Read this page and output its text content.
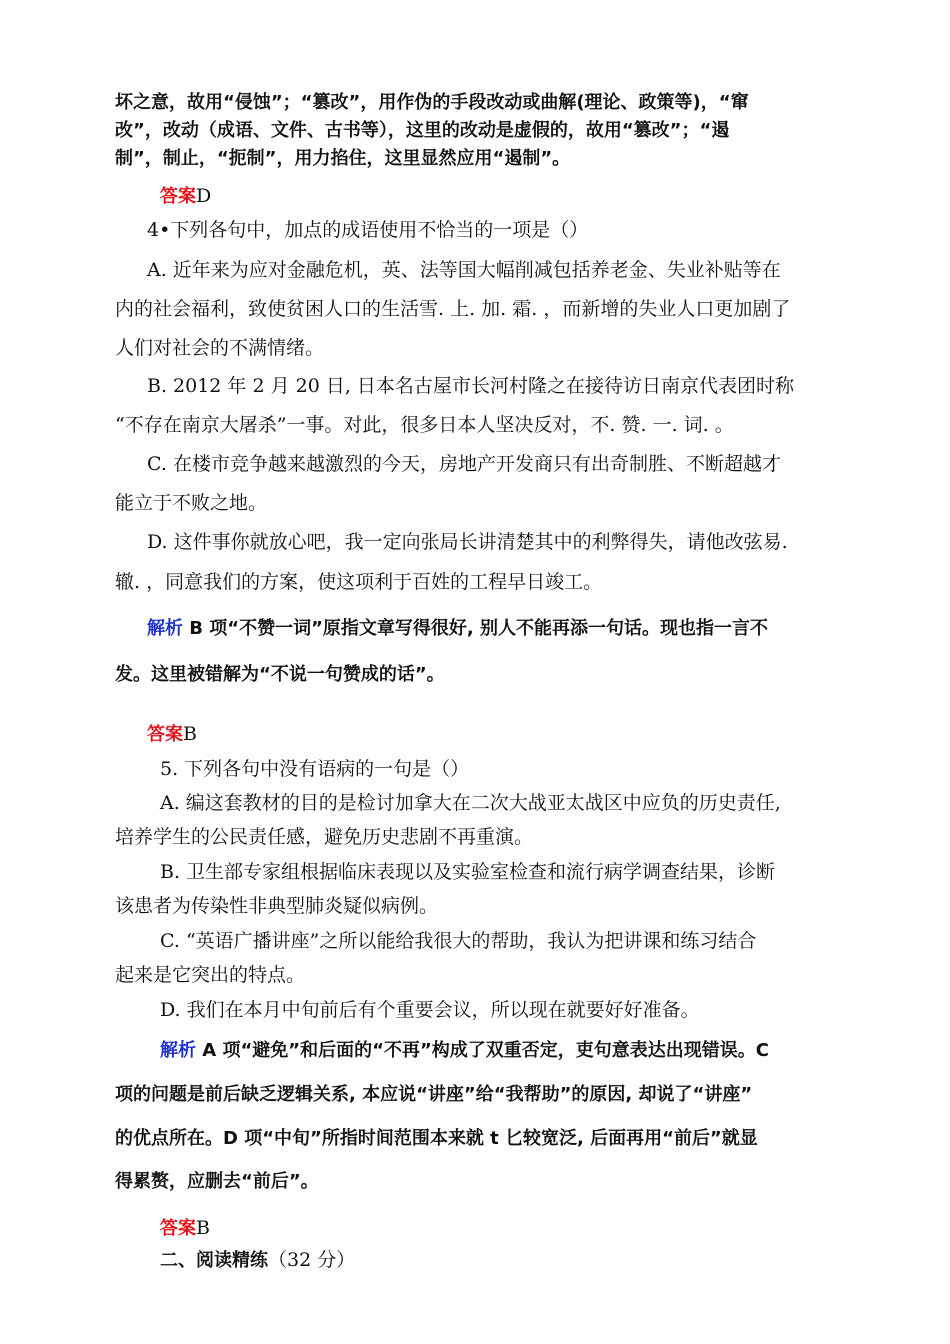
坏之意，故用“侵蚀”；“篡改”，用作伪的手段改动或曲解(理论、政策等)，“窜
改”，改动（成语、文件、古书等），这里的改动是虚假的，故用“篡改”；“遏
制”，制止，“扼制”，用力掐住，这里显然应用“遏制”。
答案D
4•下列各句中，加点的成语使用不恰当的一项是（）
A. 近年来为应对金融危机，英、法等国大幅削减包括养老金、失业补贴等在
内的社会福利，致使贫困人口的生活雪. 上. 加. 霜. ，而新增的失业人口更加剧了
人们对社会的不满情绪。
B. 2012 年 2 月 20 日, 日本名古屋市长河村隆之在接待访日南京代表团时称
“不存在南京大屠杀”一事。对此，很多日本人坚决反对，不. 赞. 一. 词. 。
C. 在楼市竞争越来越激烈的今天，房地产开发商只有出奇制胜、不断超越才
能立于不败之地。
D. 这件事你就放心吧，我一定向张局长讲清楚其中的利弊得失，请他改弦易.
辙. ，同意我们的方案，使这项利于百姓的工程早日竣工。
解析 B 项“不赞一词”原指文章写得很好, 别人不能再添一句话。现也指一言不
发。这里被错解为“不说一句赞成的话”。
答案B
5. 下列各句中没有语病的一句是（）
A. 编这套教材的目的是检讨加拿大在二次大战亚太战区中应负的历史责任,
培养学生的公民责任感，避免历史悲剧不再重演。
B. 卫生部专家组根据临床表现以及实验室检查和流行病学调查结果，诊断
该患者为传染性非典型肺炎疑似病例。
C. “英语广播讲座”之所以能给我很大的帮助，我认为把讲课和练习结合
起来是它突出的特点。
D. 我们在本月中旬前后有个重要会议，所以现在就要好好准备。
解析 A 项“避免”和后面的“不再”构成了双重否定，吏句意表达出现错误。C
项的问题是前后缺乏逻辑关系, 本应说“讲座”给“我帮助”的原因, 却说了“讲座”
的优点所在。D 项“中旬”所指时间范围本来就 t 匕较宽泛, 后面再用“前后”就显
得累赘，应删去“前后”。
答案B
二、阅读精练（32 分）
